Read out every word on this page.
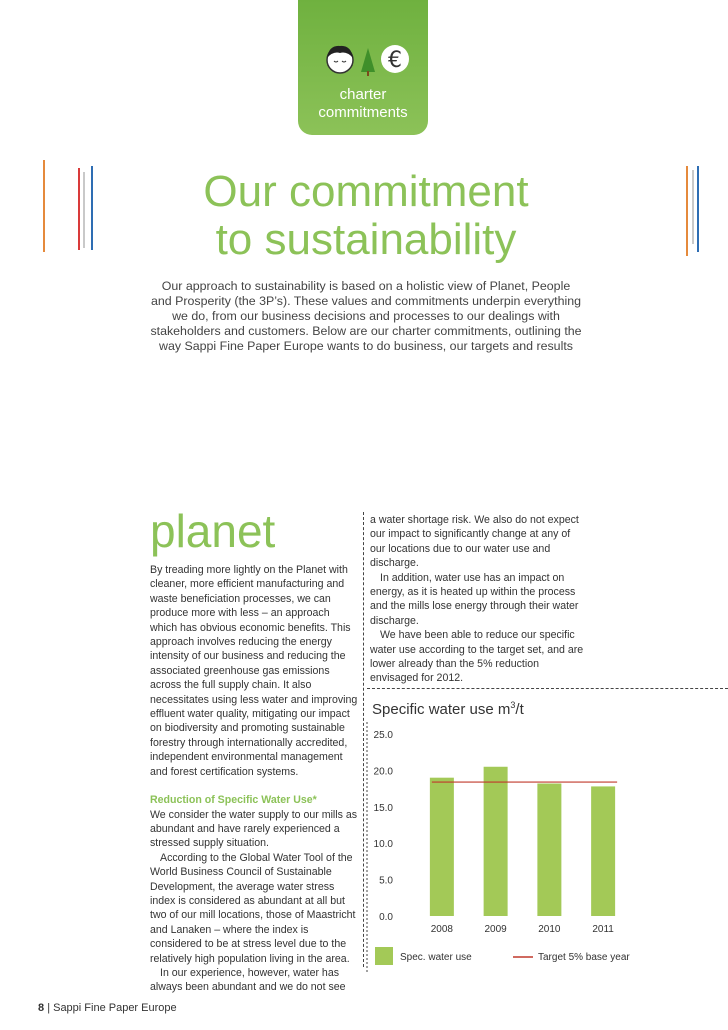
€
charter
commitments
Our commitment
to sustainability
Our approach to sustainability is based on a holistic view of Planet, People and Prosperity (the 3P’s). These values and commitments underpin everything we do, from our business decisions and processes to our dealings with stakeholders and customers. Below are our charter commitments, outlining the way Sappi Fine Paper Europe wants to do business, our targets and results
planet
By treading more lightly on the Planet with cleaner, more efficient manufacturing and waste beneficiation processes, we can produce more with less – an approach which has obvious economic benefits. This approach involves reducing the energy intensity of our business and reducing the associated greenhouse gas emissions across the full supply chain. It also necessitates using less water and improving effluent water quality, mitigating our impact on biodiversity and promoting sustainable forestry through internationally accredited, independent environmental management and forest certification systems.
Reduction of Specific Water Use*
We consider the water supply to our mills as abundant and have rarely experienced a stressed supply situation.
According to the Global Water Tool of the World Business Council of Sustainable Development, the average water stress index is considered as abundant at all but two of our mill locations, those of Maastricht and Lanaken – where the index is considered to be at stress level due to the relatively high population living in the area.
In our experience, however, water has always been abundant and we do not see
a water shortage risk. We also do not expect our impact to significantly change at any of our locations due to our water use and discharge.
In addition, water use has an impact on energy, as it is heated up within the process and the mills lose energy through their water discharge.
We have been able to reduce our specific water use according to the target set, and are lower already than the 5% reduction envisaged for 2012.
Specific water use $m^3/t$
0.0
5.0
10.0
15.0
20.0
25.0
2008	2009	2010	2011
Spec. water use	Target 5% base year
8 | Sappi Fine Paper Europe
